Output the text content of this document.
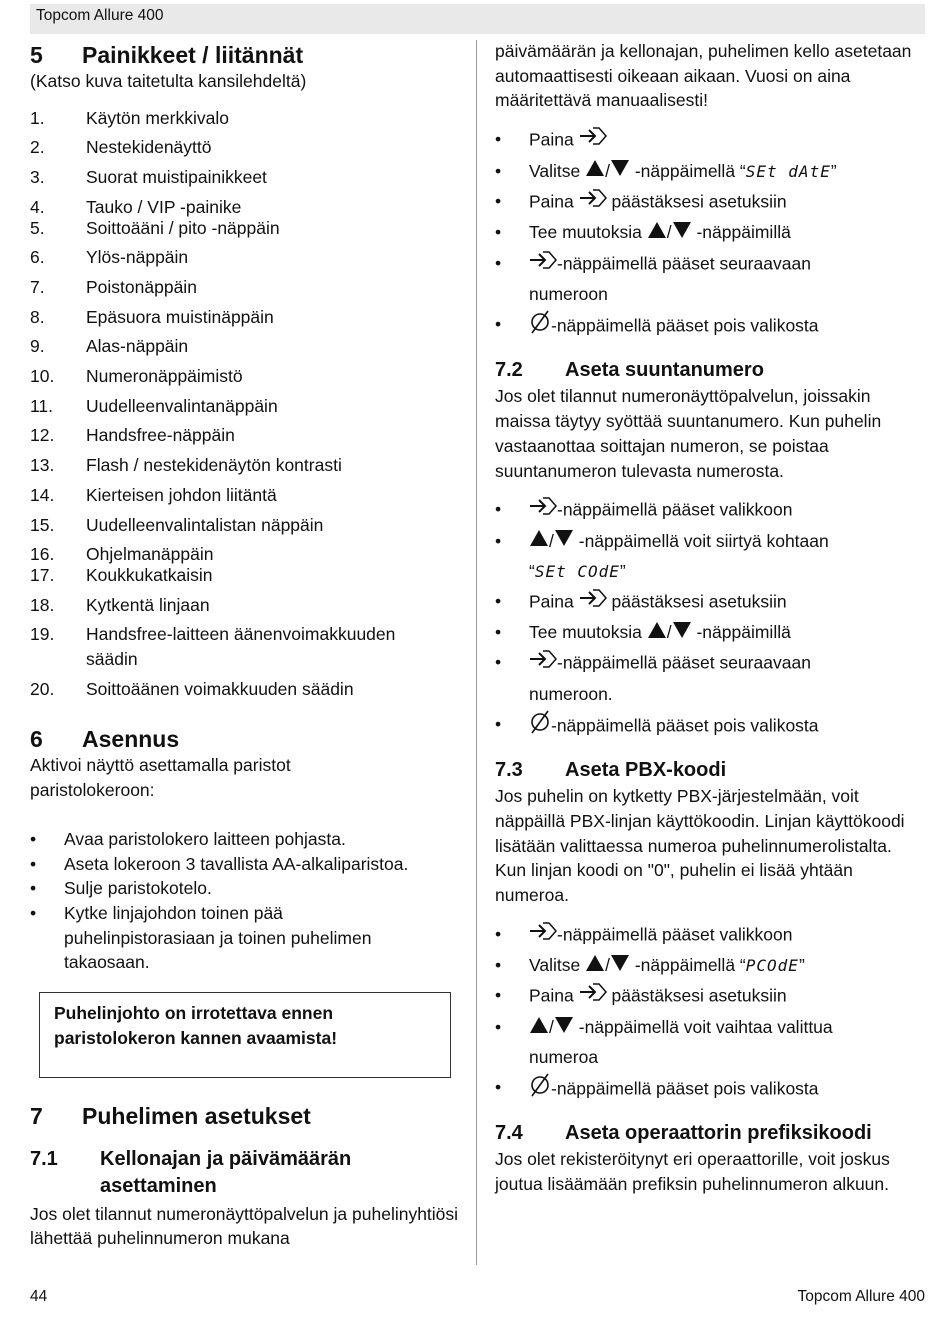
Topcom Allure 400
5	Painikkeet / liitännät

(Katso kuva taitetulta kansilehdeltä)

1.	Käytön merkkivalo
2.	Nestekidenäyttö
3.	Suorat muistipainikkeet
4.	Tauko / VIP -painike
5.	Soittoääni / pito -näppäin
6.	Ylös-näppäin
7.	Poistonäppäin
8.	Epäsuora muistinäppäin
9.	Alas-näppäin
10.	Numeronäppäimistö
11.	Uudelleenvalintanäppäin
12.	Handsfree-näppäin
13.	Flash / nestekidenäytön kontrasti
14.	Kierteisen johdon liitäntä
15.	Uudelleenvalintalistan näppäin
16.	Ohjelmanäppäin
17.	Koukkukatkaisin
18.	Kytkentä linjaan
19.	Handsfree-laitteen äänenvoimakkuuden säädin
20.	Soittoäänen voimakkuuden säädin
6	Asennus

Aktivoi näyttö asettamalla paristot paristolokeroon:

•	Avaa paristolokero laitteen pohjasta.
•	Aseta lokeroon 3 tavallista AA-alkaliparistoa.
•	Sulje paristokotelo.
•	Kytke linjajohdon toinen pää puhelinpistorasiaan ja toinen puhelimen takaosaan.
Puhelinjohto on irrotettava ennen paristolokeron kannen avaamista!
7	Puhelimen asetukset
7.1	Kellonajan ja päivämäärän asettaminen

Jos olet tilannut numeronäyttöpalvelun ja puhelinyhtiösi lähettää puhelinnumeron mukana

päivämäärän ja kellonajan, puhelimen kello asetetaan automaattisesti oikeaan aikaan. Vuosi on aina määritettävä manuaalisesti!

•	Paina
•	Valitse / -näppäimellä “SEt dAtE”
•	Paina päästäksesi asetuksiin
•	Tee muutoksia / -näppäimillä
•	-näppäimellä pääset seuraavaan
numeroon
•	-näppäimellä pääset pois valikosta
7.2	Aseta suuntanumero

Jos olet tilannut numeronäyttöpalvelun, joissakin maissa täytyy syöttää suuntanumero. Kun puhelin vastaanottaa soittajan numeron, se poistaa suuntanumeron tulevasta numerosta.

•	-näppäimellä pääset valikkoon
•	/ -näppäimellä voit siirtyä kohtaan
“SEt COdE”
•	Paina päästäksesi asetuksiin
•	Tee muutoksia / -näppäimillä
•	-näppäimellä pääset seuraavaan
numeroon.
•	-näppäimellä pääset pois valikosta
7.3	Aseta PBX-koodi

Jos puhelin on kytketty PBX-järjestelmään, voit näppäillä PBX-linjan käyttökoodin. Linjan käyttökoodi lisätään valittaessa numeroa puhelinnumerolistalta. Kun linjan koodi on "0", puhelin ei lisää yhtään numeroa.

•	-näppäimellä pääset valikkoon
•	Valitse / -näppäimellä “PCOdE”
•	Paina päästäksesi asetuksiin
•	/ -näppäimellä voit vaihtaa valittua
numeroa
•	-näppäimellä pääset pois valikosta
7.4	Aseta operaattorin prefiksikoodi

Jos olet rekisteröitynyt eri operaattorille, voit joskus joutua lisäämään prefiksin puhelinnumeron alkuun.

44	Topcom Allure 400
